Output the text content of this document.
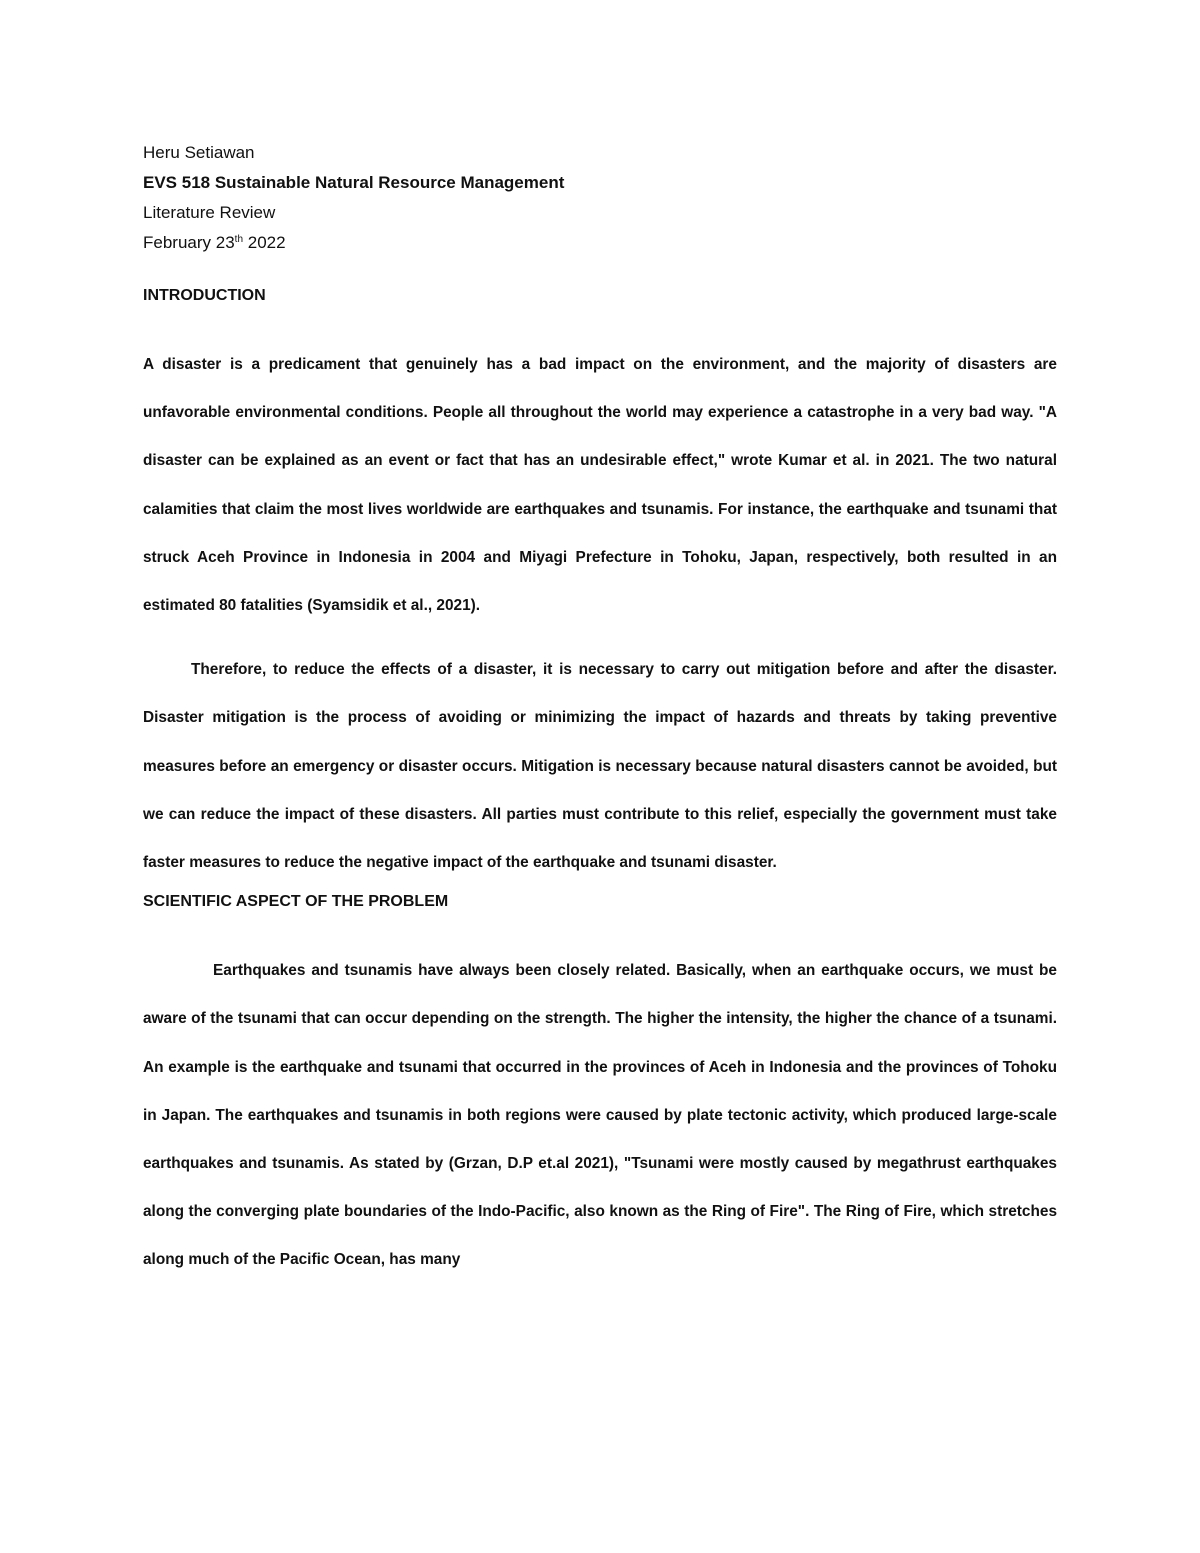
Heru Setiawan

EVS 518 Sustainable Natural Resource Management

Literature Review

February 23th 2022

INTRODUCTION

A disaster is a predicament that genuinely has a bad impact on the environment, and the majority of disasters are unfavorable environmental conditions. People all throughout the world may experience a catastrophe in a very bad way. "A disaster can be explained as an event or fact that has an undesirable effect," wrote Kumar et al. in 2021. The two natural calamities that claim the most lives worldwide are earthquakes and tsunamis. For instance, the earthquake and tsunami that struck Aceh Province in Indonesia in 2004 and Miyagi Prefecture in Tohoku, Japan, respectively, both resulted in an estimated 80 fatalities (Syamsidik et al., 2021).

Therefore, to reduce the effects of a disaster, it is necessary to carry out mitigation before and after the disaster. Disaster mitigation is the process of avoiding or minimizing the impact of hazards and threats by taking preventive measures before an emergency or disaster occurs. Mitigation is necessary because natural disasters cannot be avoided, but we can reduce the impact of these disasters. All parties must contribute to this relief, especially the government must take faster measures to reduce the negative impact of the earthquake and tsunami disaster.

SCIENTIFIC ASPECT OF THE PROBLEM

Earthquakes and tsunamis have always been closely related. Basically, when an earthquake occurs, we must be aware of the tsunami that can occur depending on the strength. The higher the intensity, the higher the chance of a tsunami. An example is the earthquake and tsunami that occurred in the provinces of Aceh in Indonesia and the provinces of Tohoku in Japan. The earthquakes and tsunamis in both regions were caused by plate tectonic activity, which produced large-scale earthquakes and tsunamis. As stated by (Grzan, D.P et.al 2021), "Tsunami were mostly caused by megathrust earthquakes along the converging plate boundaries of the Indo-Pacific, also known as the Ring of Fire". The Ring of Fire, which stretches along much of the Pacific Ocean, has many
